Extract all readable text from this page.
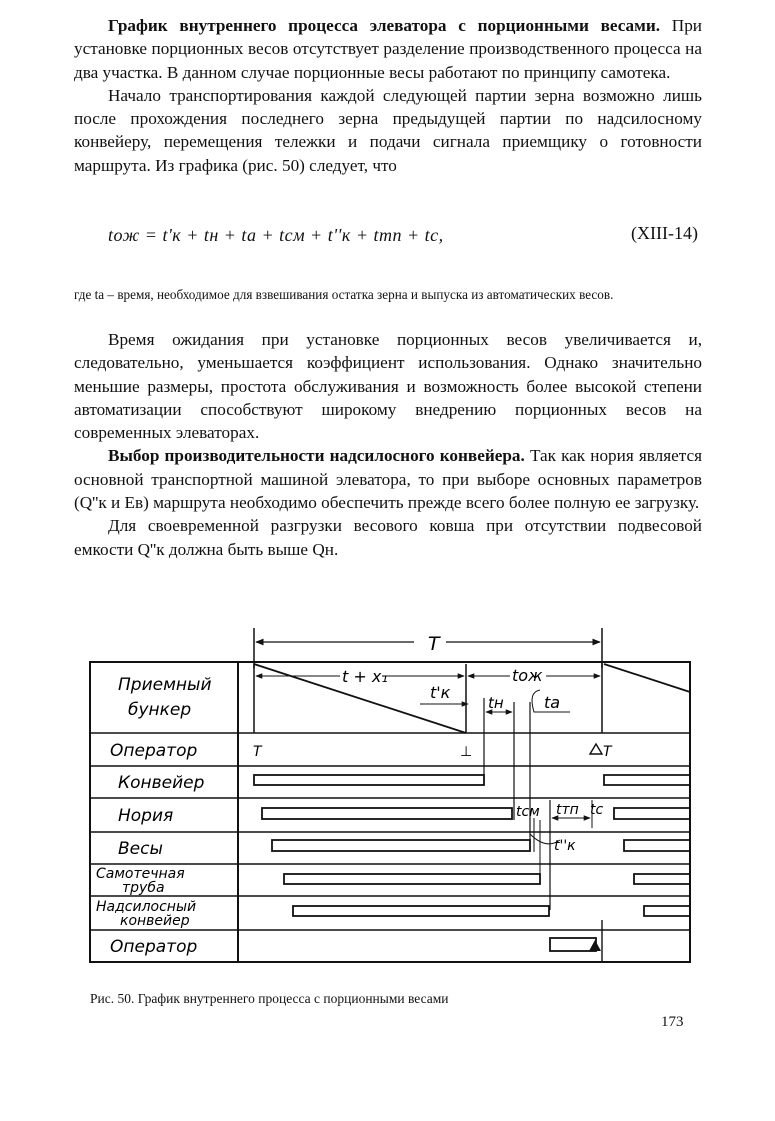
График внутреннего процесса элеватора с порционными весами. При установке порционных весов отсутствует разделение производственного процесса на два участка. В данном случае порционные весы работают по принципу самотека.

Начало транспортирования каждой следующей партии зерна возможно лишь после прохождения последнего зерна предыдущей партии по надсилосному конвейеру, перемещения тележки и подачи сигнала приемщику о готовности маршрута. Из графика (рис. 50) следует, что

tож = t'к + tн + tа + tсм + t''к + tтп + tс,	(XIII-14)
где tа – время, необходимое для взвешивания остатка зерна и выпуска из автоматических весов.

Время ожидания при установке порционных весов увеличивается и, следовательно, уменьшается коэффициент использования. Однако значительно меньшие размеры, простота обслуживания и возможность более высокой степени автоматизации способствуют широкому внедрению порционных весов на современных элеваторах.

Выбор производительности надсилосного конвейера. Так как нория является основной транспортной машиной элеватора, то при выборе основных параметров (Q''к и Eв) маршрута необходимо обеспечить прежде всего более полную ее загрузку.

Для своевременной разгрузки весового ковша при отсутствии подвесовой емкости Q''к должна быть выше Qн.

T
Приемный
бункер
Оператор
Конвейер
Нория
Весы
Самотечная
труба
Надсилосный
конвейер
Оператор
t + x₁	tож
t'к
tн	ta
T	⊥	T
tсм tтп tс
t''к
Рис. 50. График внутреннего процесса с порционными весами
173
